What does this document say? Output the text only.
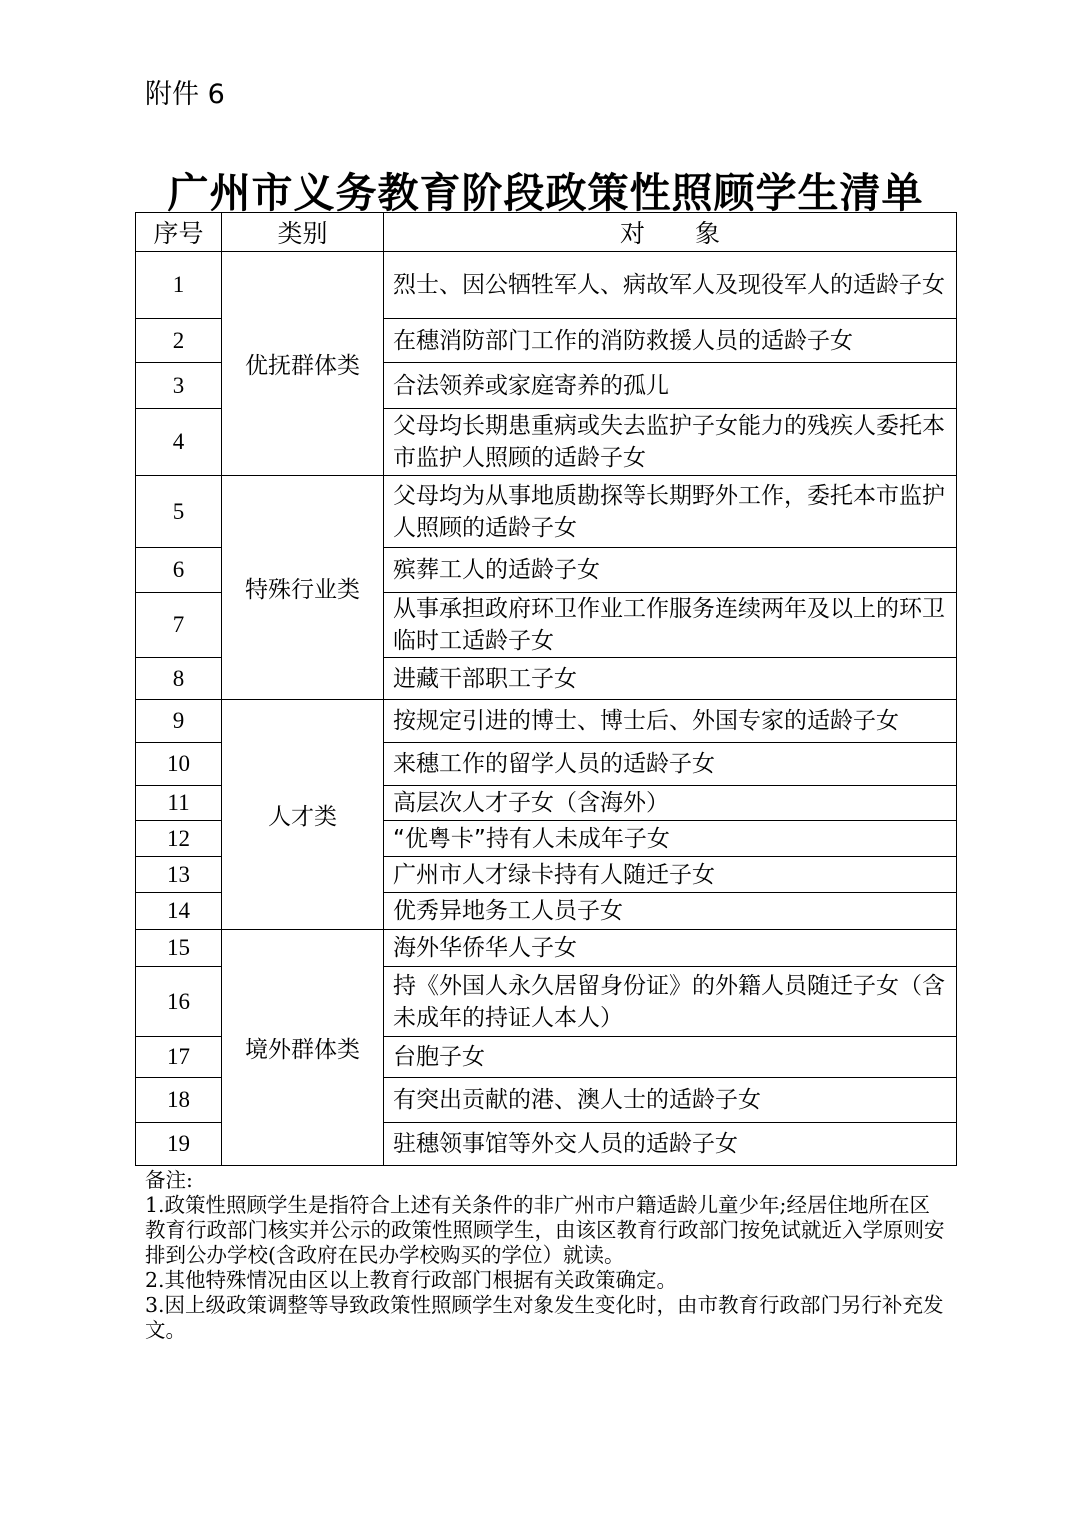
附件 6
广州市义务教育阶段政策性照顾学生清单
序号	类别	对　　象
1	优抚群体类	烈士、因公牺牲军人、病故军人及现役军人的适龄子女
2		在穗消防部门工作的消防救援人员的适龄子女
3		合法领养或家庭寄养的孤儿
4		父母均长期患重病或失去监护子女能力的残疾人委托本市监护人照顾的适龄子女
5	特殊行业类	父母均为从事地质勘探等长期野外工作，委托本市监护人照顾的适龄子女
6		殡葬工人的适龄子女
7		从事承担政府环卫作业工作服务连续两年及以上的环卫临时工适龄子女
8		进藏干部职工子女
9	人才类	按规定引进的博士、博士后、外国专家的适龄子女
10		来穗工作的留学人员的适龄子女
11		高层次人才子女（含海外）
12		“优粤卡”持有人未成年子女
13		广州市人才绿卡持有人随迁子女
14		优秀异地务工人员子女
15	境外群体类	海外华侨华人子女
16		持《外国人永久居留身份证》的外籍人员随迁子女（含未成年的持证人本人）
17		台胞子女
18		有突出贡献的港、澳人士的适龄子女
19		驻穗领事馆等外交人员的适龄子女

备注:

1.政策性照顾学生是指符合上述有关条件的非广州市户籍适龄儿童少年;经居住地所在区教育行政部门核实并公示的政策性照顾学生，由该区教育行政部门按免试就近入学原则安排到公办学校(含政府在民办学校购买的学位）就读。

2.其他特殊情况由区以上教育行政部门根据有关政策确定。

3.因上级政策调整等导致政策性照顾学生对象发生变化时，由市教育行政部门另行补充发文。
